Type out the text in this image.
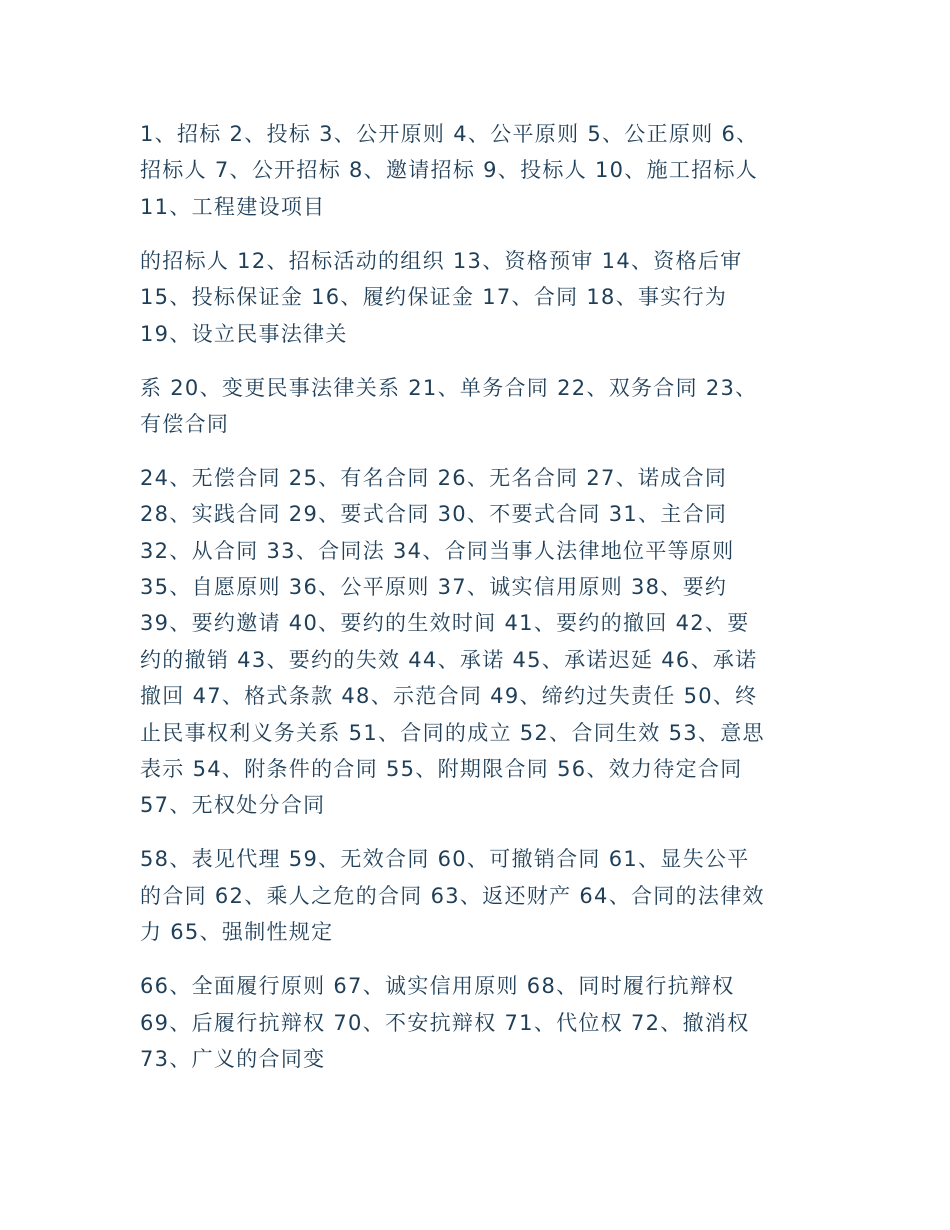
1、招标 2、投标 3、公开原则 4、公平原则 5、公正原则 6、
招标人 7、公开招标 8、邀请招标 9、投标人 10、施工招标人
11、工程建设项目
的招标人 12、招标活动的组织 13、资格预审 14、资格后审
15、投标保证金 16、履约保证金 17、合同 18、事实行为
19、设立民事法律关
系 20、变更民事法律关系 21、单务合同 22、双务合同 23、
有偿合同
24、无偿合同 25、有名合同 26、无名合同 27、诺成合同
28、实践合同 29、要式合同 30、不要式合同 31、主合同
32、从合同 33、合同法 34、合同当事人法律地位平等原则
35、自愿原则 36、公平原则 37、诚实信用原则 38、要约
39、要约邀请 40、要约的生效时间 41、要约的撤回 42、要
约的撤销 43、要约的失效 44、承诺 45、承诺迟延 46、承诺
撤回 47、格式条款 48、示范合同 49、缔约过失责任 50、终
止民事权利义务关系 51、合同的成立 52、合同生效 53、意思
表示 54、附条件的合同 55、附期限合同 56、效力待定合同
57、无权处分合同
58、表见代理 59、无效合同 60、可撤销合同 61、显失公平
的合同 62、乘人之危的合同 63、返还财产 64、合同的法律效
力 65、强制性规定
66、全面履行原则 67、诚实信用原则 68、同时履行抗辩权
69、后履行抗辩权 70、不安抗辩权 71、代位权 72、撤消权
73、广义的合同变
